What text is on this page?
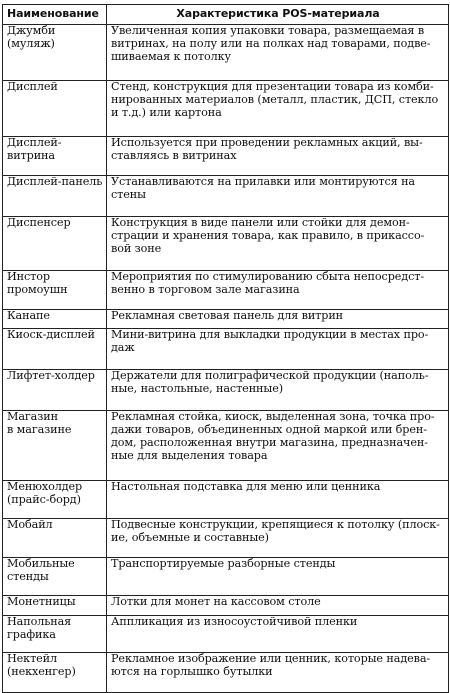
Наименование	Характеристика POS-материала
Джумби
(муляж)	Увеличенная копия упаковки товара, размещаемая в
витринах, на полу или на полках над товарами, подве-
шиваемая к потолку
Дисплей	Стенд, конструкция для презентации товара из комби-
нированных материалов (металл, пластик, ДСП, стекло
и т.д.) или картона
Дисплей-
витрина	Используется при проведении рекламных акций, вы-
ставляясь в витринах
Дисплей-панель	Устанавливаются на прилавки или монтируются на
стены
Диспенсер	Конструкция в виде панели или стойки для демон-
страции и хранения товара, как правило, в прикассо-
вой зоне
Инстор
промоушн	Мероприятия по стимулированию сбыта непосредст-
венно в торговом зале магазина
Канапе	Рекламная световая панель для витрин
Киоск-дисплей	Мини-витрина для выкладки продукции в местах про-
даж
Лифтет-холдер	Держатели для полиграфической продукции (наполь-
ные, настольные, настенные)
Магазин
в магазине	Рекламная стойка, киоск, выделенная зона, точка про-
дажи товаров, объединенных одной маркой или брен-
дом, расположенная внутри магазина, предназначен-
ные для выделения товара
Менюхолдер
(прайс-борд)	Настольная подставка для меню или ценника
Мобайл	Подвесные конструкции, крепящиеся к потолку (плоск-
ие, объемные и составные)
Мобильные
стенды	Транспортируемые разборные стенды
Монетницы	Лотки для монет на кассовом столе
Напольная
графика	Аппликация из износоустойчивой пленки
Нектейл
(некхенгер)	Рекламное изображение или ценник, которые надева-
ются на горлышко бутылки
